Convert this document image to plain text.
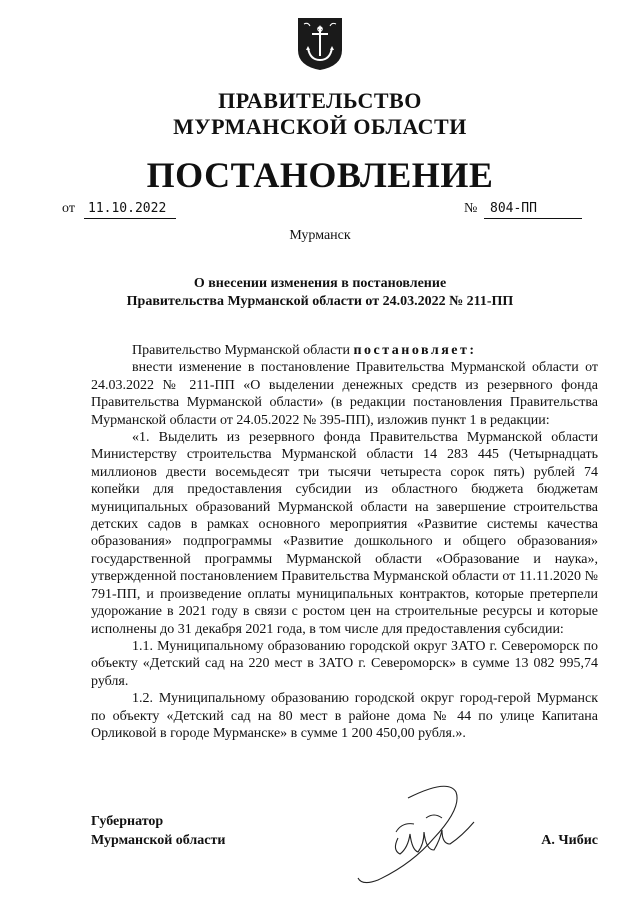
ПРАВИТЕЛЬСТВО
МУРМАНСКОЙ ОБЛАСТИ
ПОСТАНОВЛЕНИЕ
от	11.10.2022	№ 804-ПП
Мурманск
О внесении изменения в постановление
Правительства Мурманской области от 24.03.2022 № 211-ПП

Правительство Мурманской области постановляет:

внести изменение в постановление Правительства Мурманской области от 24.03.2022 № 211-ПП «О выделении денежных средств из резервного фонда Правительства Мурманской области» (в редакции постановления Правительства Мурманской области от 24.05.2022 № 395-ПП), изложив пункт 1 в редакции:

«1. Выделить из резервного фонда Правительства Мурманской области Министерству строительства Мурманской области 14 283 445 (Четырнадцать миллионов двести восемьдесят три тысячи четыреста сорок пять) рублей 74 копейки для предоставления субсидии из областного бюджета бюджетам муниципальных образований Мурманской области на завершение строительства детских садов в рамках основного мероприятия «Развитие системы качества образования» подпрограммы «Развитие дошкольного и общего образования» государственной программы Мурманской области «Образование и наука», утвержденной постановлением Правительства Мурманской области от 11.11.2020 № 791-ПП, и произведение оплаты муниципальных контрактов, которые претерпели удорожание в 2021 году в связи с ростом цен на строительные ресурсы и которые исполнены до 31 декабря 2021 года, в том числе для предоставления субсидии:

1.1. Муниципальному образованию городской округ ЗАТО г. Североморск по объекту «Детский сад на 220 мест в ЗАТО г. Североморск» в сумме 13 082 995,74 рубля.

1.2. Муниципальному образованию городской округ город-герой Мурманск по объекту «Детский сад на 80 мест в районе дома № 44 по улице Капитана Орликовой в городе Мурманске» в сумме 1 200 450,00 рубля.».

Губернатор
Мурманской области	А. Чибис
